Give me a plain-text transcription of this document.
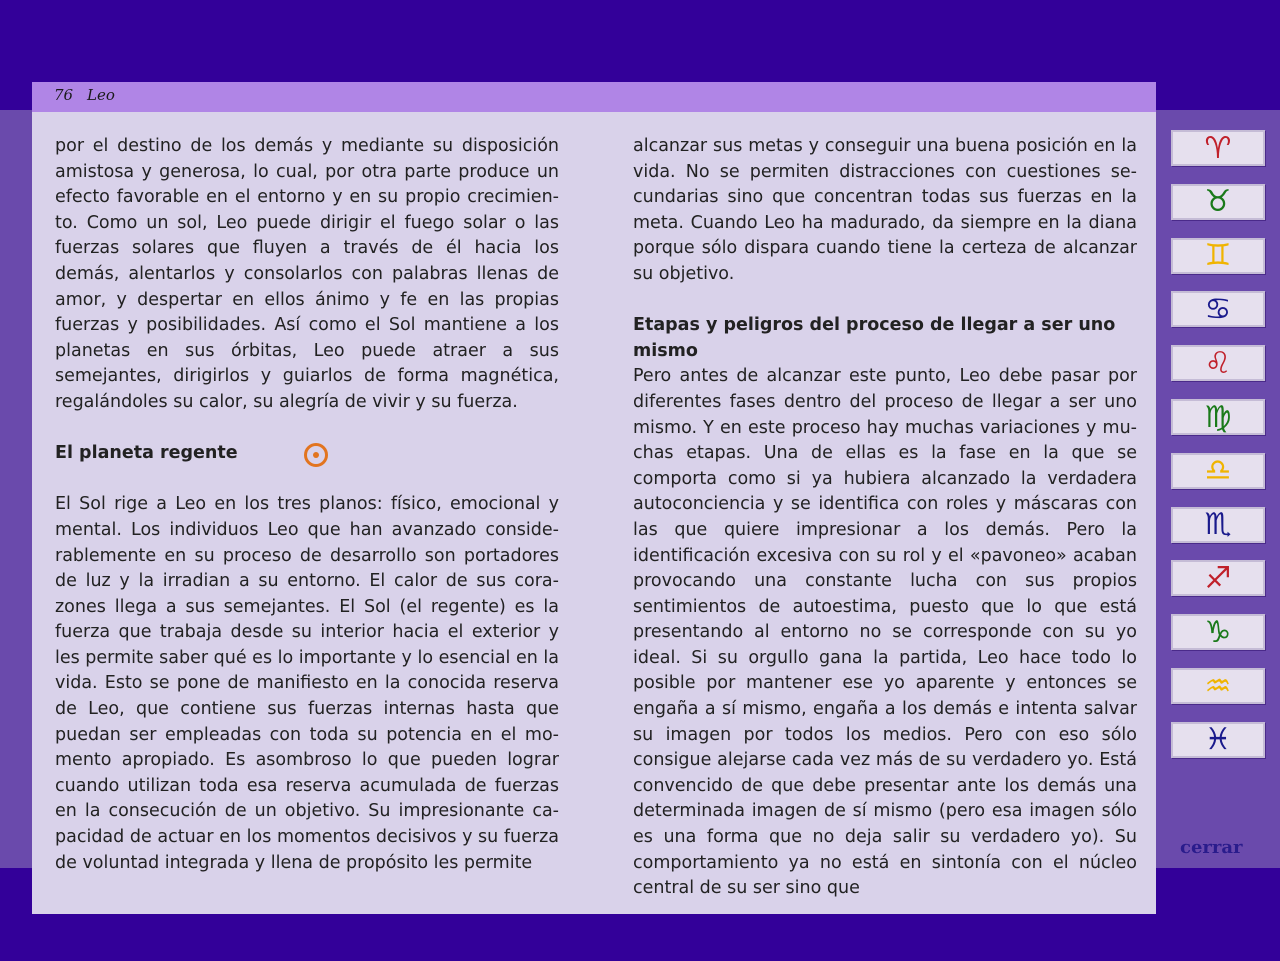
76 Leo

por el destino de los demás y mediante su disposición amistosa y generosa, lo cual, por otra parte produce un efecto favorable en el entorno y en su propio crecimiento. Como un sol, Leo puede dirigir el fuego solar o las fuerzas solares que fluyen a través de él hacia los demás, alentarlos y consolarlos con palabras llenas de amor, y despertar en ellos ánimo y fe en las propias fuerzas y posibilidades. Así como el Sol mantiene a los planetas en sus órbitas, Leo puede atraer a sus semejantes, dirigirlos y guiarlos de forma magnética, regalándoles su calor, su alegría de vivir y su fuerza.

El planeta regente

El Sol rige a Leo en los tres planos: físico, emocional y mental. Los individuos Leo que han avanzado considerablemente en su proceso de desarrollo son portadores de luz y la irradian a su entorno. El calor de sus corazones llega a sus semejantes. El Sol (el regente) es la fuerza que trabaja desde su interior hacia el exterior y les permite saber qué es lo importante y lo esencial en la vida. Esto se pone de manifiesto en la conocida reserva de Leo, que contiene sus fuerzas internas hasta que puedan ser empleadas con toda su potencia en el momento apropiado. Es asombroso lo que pueden lograr cuando utilizan toda esa reserva acumulada de fuerzas en la consecución de un objetivo. Su impresionante capacidad de actuar en los momentos decisivos y su fuerza de voluntad integrada y llena de propósito les permite

alcanzar sus metas y conseguir una buena posición en la vida. No se permiten distracciones con cuestiones secundarias sino que concentran todas sus fuerzas en la meta. Cuando Leo ha madurado, da siempre en la diana porque sólo dispara cuando tiene la certeza de alcanzar su objetivo.

Etapas y peligros del proceso de llegar a ser uno mismo

Pero antes de alcanzar este punto, Leo debe pasar por diferentes fases dentro del proceso de llegar a ser uno mismo. Y en este proceso hay muchas variaciones y muchas etapas. Una de ellas es la fase en la que se comporta como si ya hubiera alcanzado la verdadera autoconciencia y se identifica con roles y máscaras con las que quiere impresionar a los demás. Pero la identificación excesiva con su rol y el «pavoneo» acaban provocando una constante lucha con sus propios sentimientos de autoestima, puesto que lo que está presentando al entorno no se corresponde con su yo ideal. Si su orgullo gana la partida, Leo hace todo lo posible por mantener ese yo aparente y entonces se engaña a sí mismo, engaña a los demás e intenta salvar su imagen por todos los medios. Pero con eso sólo consigue alejarse cada vez más de su verdadero yo. Está convencido de que debe presentar ante los demás una determinada imagen de sí mismo (pero esa imagen sólo es una forma que no deja salir su verdadero yo). Su comportamiento ya no está en sintonía con el núcleo central de su ser sino que

♈
♉
♊
♋
♌
♍
♎
♏
♐
♑
♒
♓
cerrar
